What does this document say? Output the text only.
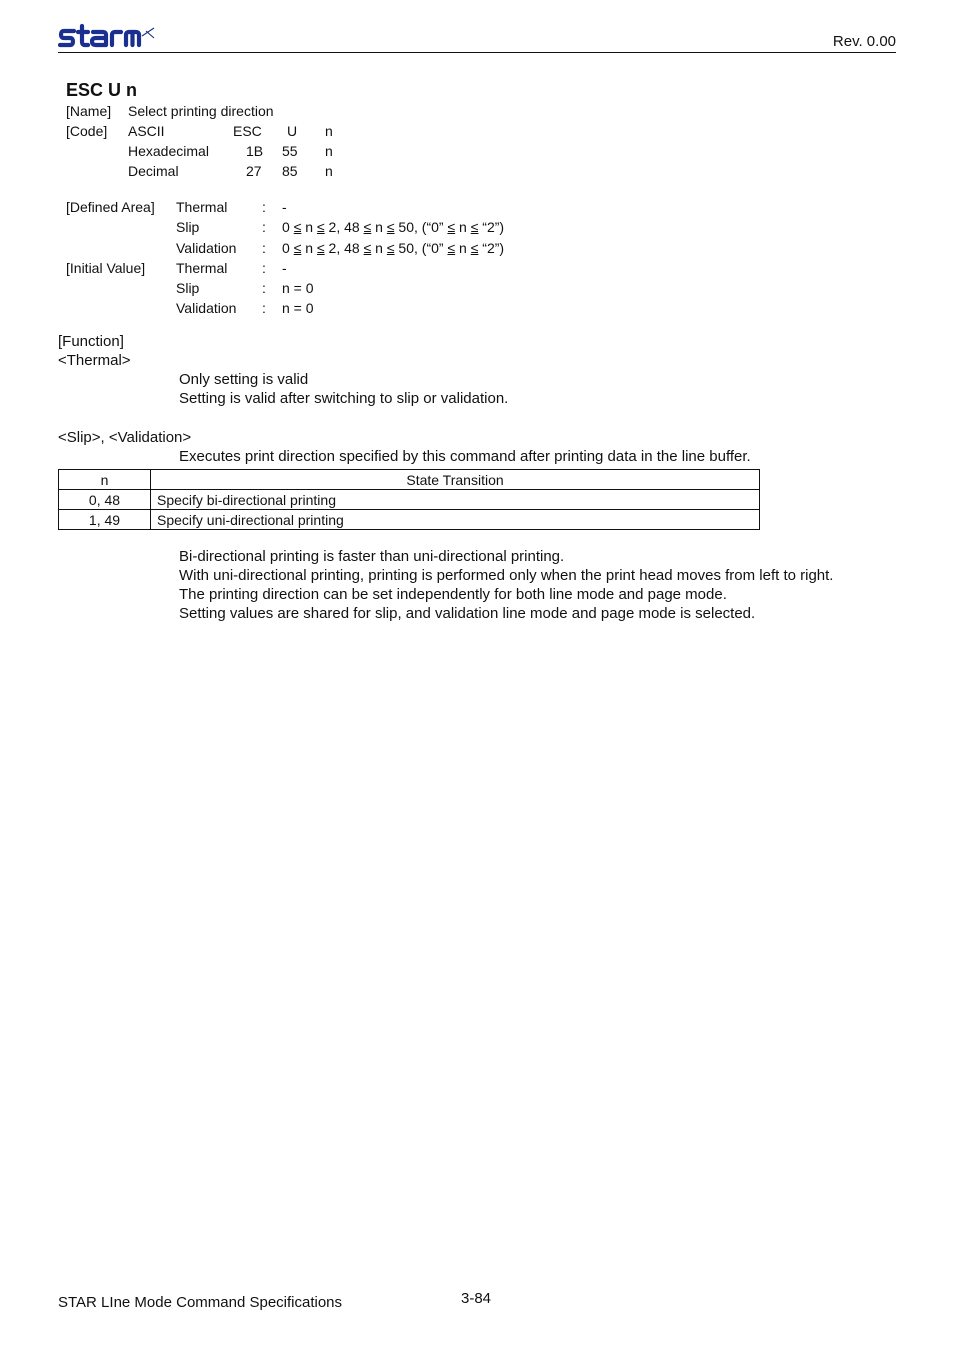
Rev. 0.00
ESC U n
[Name] Select printing direction
[Code] ASCII	ESC U n
Hexadecimal	1B 55 n
Decimal	27 85 n
[Defined Area] Thermal : -
Slip	: 0 ≤ n ≤ 2, 48 ≤ n ≤ 50, (“0” ≤ n ≤ “2”)
Validation : 0 ≤ n ≤ 2, 48 ≤ n ≤ 50, (“0” ≤ n ≤ “2”)
[Initial Value] Thermal : -
Slip	: n = 0
Validation : n = 0
[Function]
<Thermal>
Only setting is valid
Setting is valid after switching to slip or validation.
<Slip>, <Validation>
Executes print direction specified by this command after printing data in the line buffer.
n	State Transition
0, 48	Specify bi-directional printing
1, 49	Specify uni-directional printing
Bi-directional printing is faster than uni-directional printing.
With uni-directional printing, printing is performed only when the print head moves from left to right.
The printing direction can be set independently for both line mode and page mode.
Setting values are shared for slip, and validation line mode and page mode is selected.
STAR LIne Mode Command Specifications	3-84
